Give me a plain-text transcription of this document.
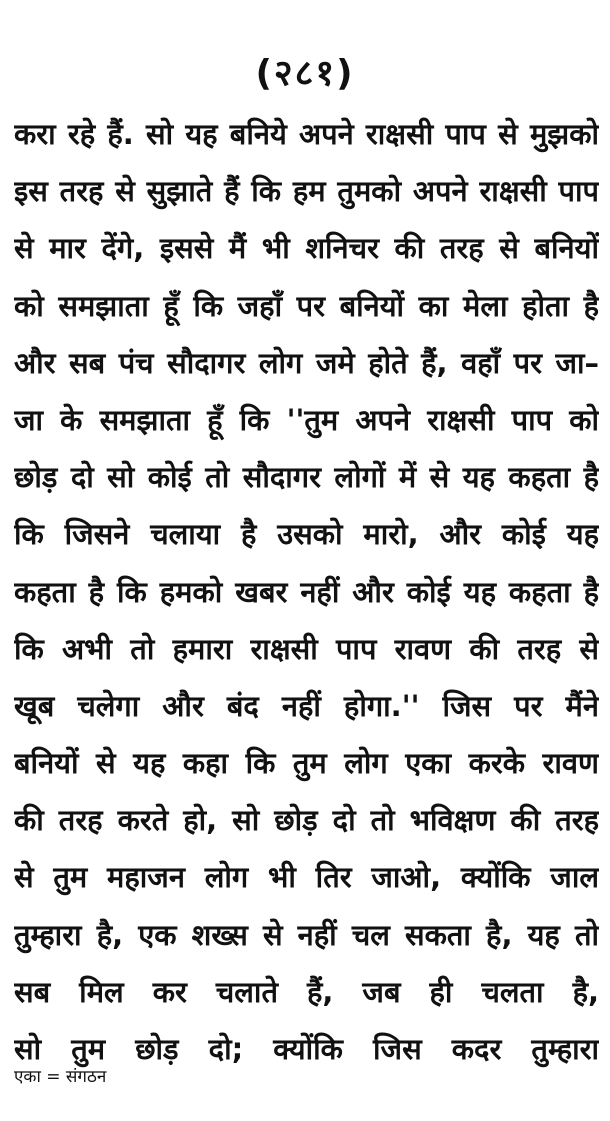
(२८१)
करा रहे हैं. सो यह बनिये अपने राक्षसी पाप से मुझको
इस तरह से सुझाते हैं कि हम तुमको अपने राक्षसी पाप
से मार देंगे, इससे मैं भी शनिचर की तरह से बनियों
को समझाता हूँ कि जहाँ पर बनियों का मेला होता है
और सब पंच सौदागर लोग जमे होते हैं, वहाँ पर जा–
जा के समझाता हूँ कि ''तुम अपने राक्षसी पाप को
छोड़ दो सो कोई तो सौदागर लोगों में से यह कहता है
कि जिसने चलाया है उसको मारो, और कोई यह
कहता है कि हमको खबर नहीं और कोई यह कहता है
कि अभी तो हमारा राक्षसी पाप रावण की तरह से
खूब चलेगा और बंद नहीं होगा.'' जिस पर मैंने
बनियों से यह कहा कि तुम लोग एका करके रावण
की तरह करते हो, सो छोड़ दो तो भविक्षण की तरह
से तुम महाजन लोग भी तिर जाओ, क्योंकि जाल
तुम्हारा है, एक शख्स से नहीं चल सकता है, यह तो
सब मिल कर चलाते हैं, जब ही चलता है,
सो तुम छोड़ दो; क्योंकि जिस कदर तुम्हारा
एका = संगठन
